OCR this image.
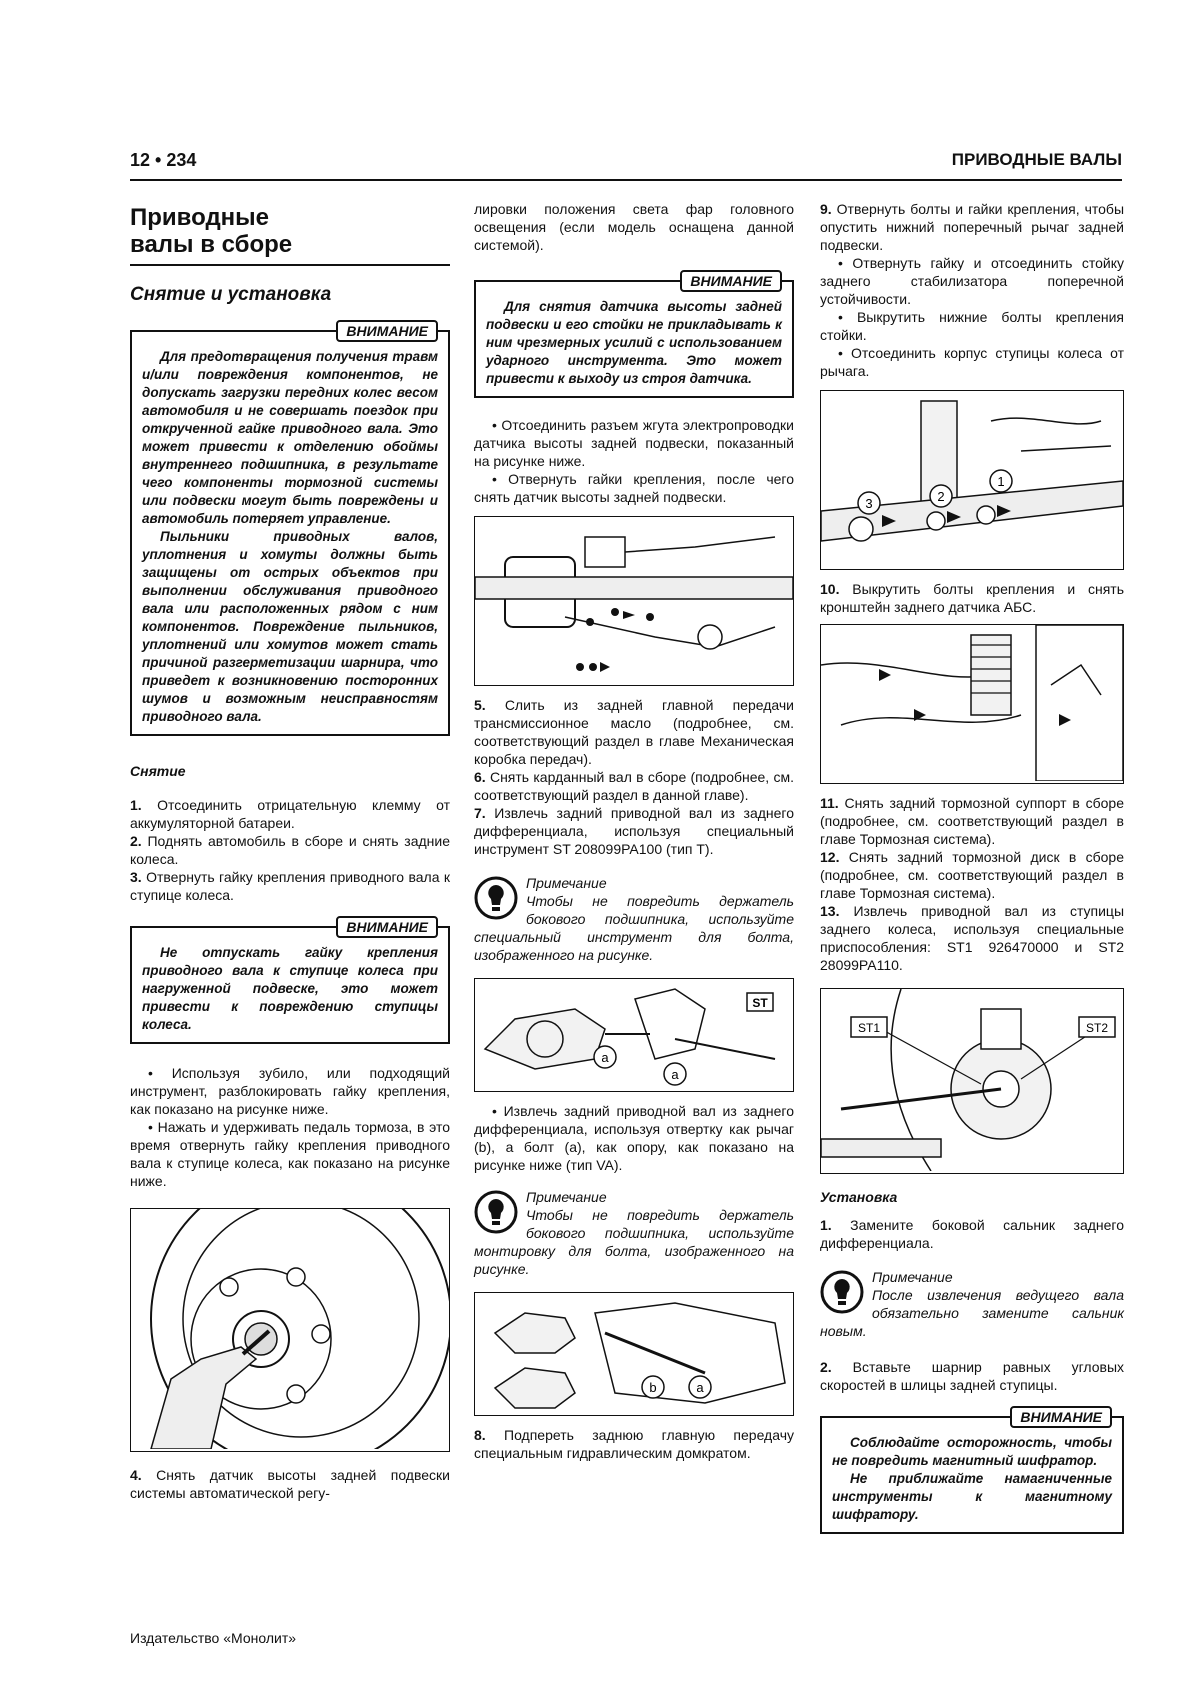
12 • 234	ПРИВОДНЫЕ ВАЛЫ
Приводные
валы в сборе
Снятие и установка
ВНИМАНИЕ

Для предотвращения получения травм и/или повреждения компонентов, не допускать загрузки передних колес весом автомобиля и не совершать поездок при открученной гайке приводного вала. Это может привести к отделению обоймы внутреннего подшипника, в результате чего компоненты тормозной системы или подвески могут быть повреждены и автомобиль потеряет управление.

Пыльники приводных валов, уплотнения и хомуты должны быть защищены от острых объектов при выполнении обслуживания приводного вала или расположенных рядом с ним компонентов. Повреждение пыльников, уплотнений или хомутов может стать причиной разгерметизации шарнира, что приведет к возникновению посторонних шумов и возможным неисправностям приводного вала.

Снятие

1. Отсоединить отрицательную клемму от аккумуляторной батареи.

2. Поднять автомобиль в сборе и снять задние колеса.

3. Отвернуть гайку крепления приводного вала к ступице колеса.

ВНИМАНИЕ

Не отпускать гайку крепления приводного вала к ступице колеса при нагруженной подвеске, это может привести к повреждению ступицы колеса.

• Используя зубило, или подходящий инструмент, разблокировать гайку крепления, как показано на рисунке ниже.

• Нажать и удерживать педаль тормоза, в это время отвернуть гайку крепления приводного вала к ступице колеса, как показано на рисунке ниже.

4. Снять датчик высоты задней подвески системы автоматической регу-

лировки положения света фар головного освещения (если модель оснащена данной системой).

ВНИМАНИЕ

Для снятия датчика высоты задней подвески и его стойки не прикладывать к ним чрезмерных усилий с использованием ударного инструмента. Это может привести к выходу из строя датчика.

• Отсоединить разъем жгута электропроводки датчика высоты задней подвески, показанный на рисунке ниже.

• Отвернуть гайки крепления, после чего снять датчик высоты задней подвески.

5. Слить из задней главной передачи трансмиссионное масло (подробнее, см. соответствующий раздел в главе Механическая коробка передач).

6. Снять карданный вал в сборе (подробнее, см. соответствующий раздел в данной главе).

7. Извлечь задний приводной вал из заднего дифференциала, используя специальный инструмент ST 208099PA100 (тип T).

Примечание

Чтобы не повредить держатель бокового подшипника, используйте специальный инструмент для болта, изображенного на рисунке.

a
a
ST

• Извлечь задний приводной вал из заднего дифференциала, используя отвертку как рычаг (b), а болт (a), как опору, как показано на рисунке ниже (тип VA).

Примечание

Чтобы не повредить держатель бокового подшипника, используйте монтировку для болта, изображенного на рисунке.

b	a

8. Подпереть заднюю главную передачу специальным гидравлическим домкратом.

9. Отвернуть болты и гайки крепления, чтобы опустить нижний поперечный рычаг задней подвески.

• Отвернуть гайку и отсоединить стойку заднего стабилизатора поперечной устойчивости.

• Выкрутить нижние болты крепления стойки.

• Отсоединить корпус ступицы колеса от рычага.

3	2
1

10. Выкрутить болты крепления и снять кронштейн заднего датчика АБС.

11. Снять задний тормозной суппорт в сборе (подробнее, см. соответствующий раздел в главе Тормозная система).

12. Снять задний тормозной диск в сборе (подробнее, см. соответствующий раздел в главе Тормозная система).

13. Извлечь приводной вал из ступицы заднего колеса, используя специальные приспособления: ST1 926470000 и ST2 28099PA110.

ST1	ST2
Установка

1. Замените боковой сальник заднего дифференциала.

Примечание

После извлечения ведущего вала обязательно замените сальник новым.

2. Вставьте шарнир равных угловых скоростей в шлицы задней ступицы.

ВНИМАНИЕ

Соблюдайте осторожность, чтобы не повредить магнитный шифратор.

Не приближайте намагниченные инструменты к магнитному шифратору.

Издательство «Монолит»
